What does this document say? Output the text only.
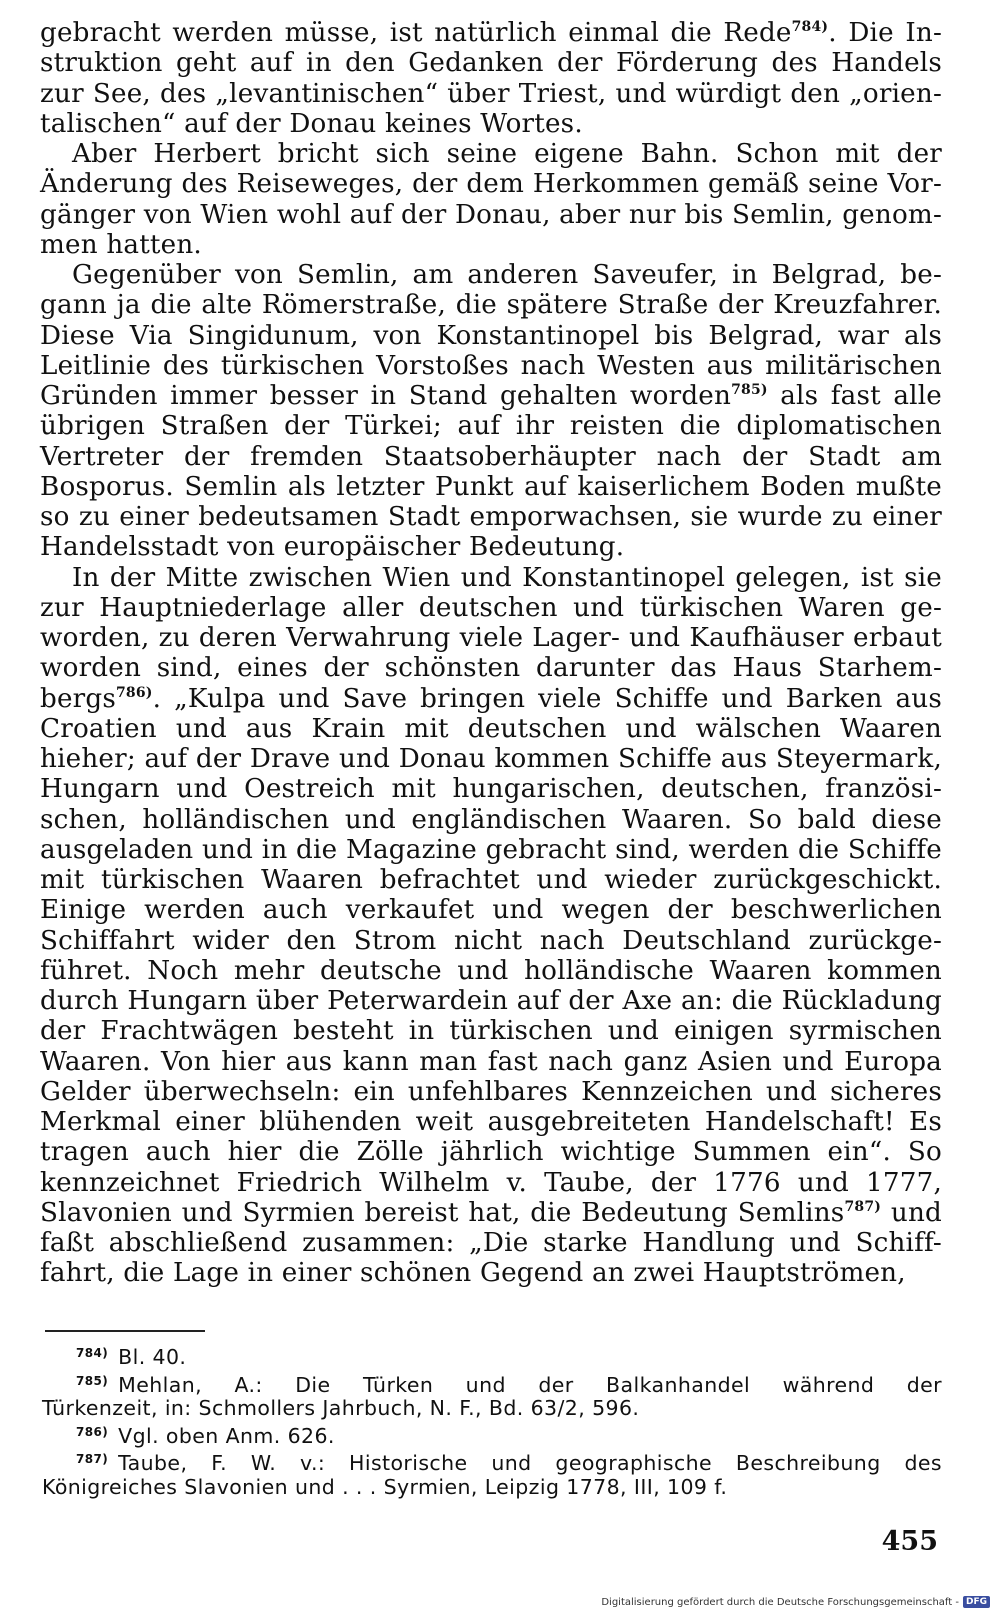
gebracht werden müsse, ist natürlich einmal die Rede$^{784)}$. Die In-
struktion geht auf in den Gedanken der Förderung des Handels
zur See, des „levantinischen“ über Triest, und würdigt den „orien-
talischen“ auf der Donau keines Wortes.

Aber Herbert bricht sich seine eigene Bahn. Schon mit der
Änderung des Reiseweges, der dem Herkommen gemäß seine Vor-
gänger von Wien wohl auf der Donau, aber nur bis Semlin, genom-
men hatten.

Gegenüber von Semlin, am anderen Saveufer, in Belgrad, be-
gann ja die alte Römerstraße, die spätere Straße der Kreuzfahrer.
Diese Via Singidunum, von Konstantinopel bis Belgrad, war als
Leitlinie des türkischen Vorstoßes nach Westen aus militärischen
Gründen immer besser in Stand gehalten worden$^{785)}$ als fast alle
übrigen Straßen der Türkei; auf ihr reisten die diplomatischen
Vertreter der fremden Staatsoberhäupter nach der Stadt am
Bosporus. Semlin als letzter Punkt auf kaiserlichem Boden mußte
so zu einer bedeutsamen Stadt emporwachsen, sie wurde zu einer
Handelsstadt von europäischer Bedeutung.

In der Mitte zwischen Wien und Konstantinopel gelegen, ist sie
zur Hauptniederlage aller deutschen und türkischen Waren ge-
worden, zu deren Verwahrung viele Lager- und Kaufhäuser erbaut
worden sind, eines der schönsten darunter das Haus Starhem-
bergs$^{786)}$. „Kulpa und Save bringen viele Schiffe und Barken aus
Croatien und aus Krain mit deutschen und wälschen Waaren
hieher; auf der Drave und Donau kommen Schiffe aus Steyermark,
Hungarn und Oestreich mit hungarischen, deutschen, französi-
schen, holländischen und engländischen Waaren. So bald diese
ausgeladen und in die Magazine gebracht sind, werden die Schiffe
mit türkischen Waaren befrachtet und wieder zurückgeschickt.
Einige werden auch verkaufet und wegen der beschwerlichen
Schiffahrt wider den Strom nicht nach Deutschland zurückge-
führet. Noch mehr deutsche und holländische Waaren kommen
durch Hungarn über Peterwardein auf der Axe an: die Rückladung
der Frachtwägen besteht in türkischen und einigen syrmischen
Waaren. Von hier aus kann man fast nach ganz Asien und Europa
Gelder überwechseln: ein unfehlbares Kennzeichen und sicheres
Merkmal einer blühenden weit ausgebreiteten Handelschaft! Es
tragen auch hier die Zölle jährlich wichtige Summen ein“. So
kennzeichnet Friedrich Wilhelm v. Taube, der 1776 und 1777,
Slavonien und Syrmien bereist hat, die Bedeutung Semlins$^{787)}$ und
faßt abschließend zusammen: „Die starke Handlung und Schiff-
fahrt, die Lage in einer schönen Gegend an zwei Hauptströmen,

$^{784)}$ Bl. 40.
$^{785)}$ Mehlan, A.: Die Türken und der Balkanhandel während der
Türkenzeit, in: Schmollers Jahrbuch, N. F., Bd. 63/2, 596.
$^{786)}$ Vgl. oben Anm. 626.
$^{787)}$ Taube, F. W. v.: Historische und geographische Beschreibung des
Königreiches Slavonien und . . . Syrmien, Leipzig 1778, III, 109 f.
455
Digitalisierung gefördert durch die Deutsche Forschungsgemeinschaft - DFG
